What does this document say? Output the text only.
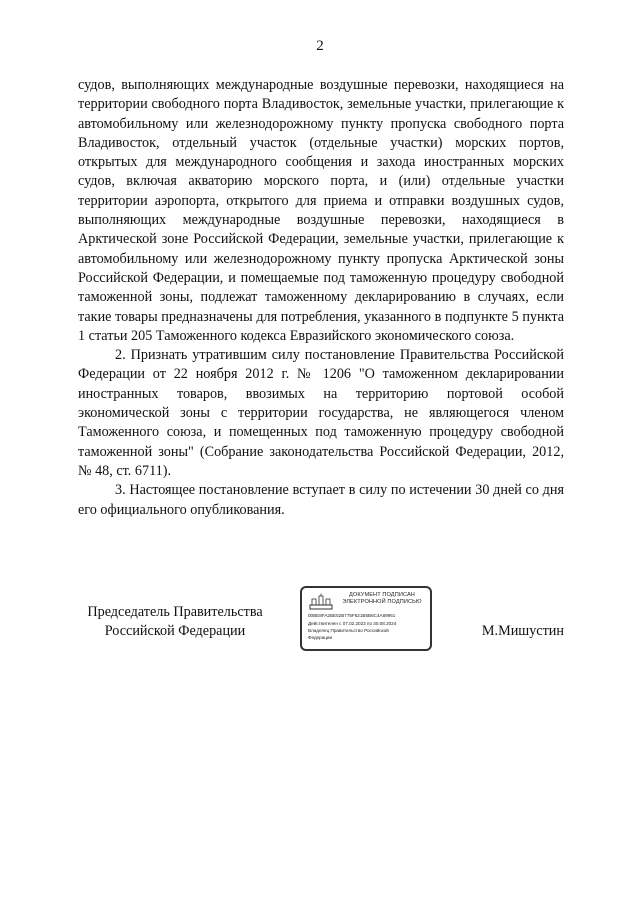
2

судов, выполняющих международные воздушные перевозки, находящиеся на территории свободного порта Владивосток, земельные участки, прилегающие к автомобильному или железнодорожному пункту пропуска свободного порта Владивосток, отдельный участок (отдельные участки) морских портов, открытых для международного сообщения и захода иностранных морских судов, включая акваторию морского порта, и (или) отдельные участки территории аэропорта, открытого для приема и отправки воздушных судов, выполняющих международные воздушные перевозки, находящиеся в Арктической зоне Российской Федерации, земельные участки, прилегающие к автомобильному или железнодорожному пункту пропуска Арктической зоны Российской Федерации, и помещаемые под таможенную процедуру свободной таможенной зоны, подлежат таможенному декларированию в случаях, если такие товары предназначены для потребления, указанного в подпункте 5 пункта 1 статьи 205 Таможенного кодекса Евразийского экономического союза.

2. Признать утратившим силу постановление Правительства Российской Федерации от 22 ноября 2012 г. № 1206 "О таможенном декларировании иностранных товаров, ввозимых на территорию портовой особой экономической зоны с территории государства, не являющегося членом Таможенного союза, и помещенных под таможенную процедуру свободной таможенной зоны" (Собрание законодательства Российской Федерации, 2012, № 48, ст. 6711).

3. Настоящее постановление вступает в силу по истечении 30 дней со дня его официального опубликования.

Председатель Правительства
Российской Федерации
ДОКУМЕНТ ПОДПИСАН
ЭЛЕКТРОННОЙ ПОДПИСЬЮ
00BE8FA2BE52B775F621B5B6C4A89961
Действителен с 07.02.2023 по 30.08.2024
Владелец Правительство Российской
Федерации	М.Мишустин
